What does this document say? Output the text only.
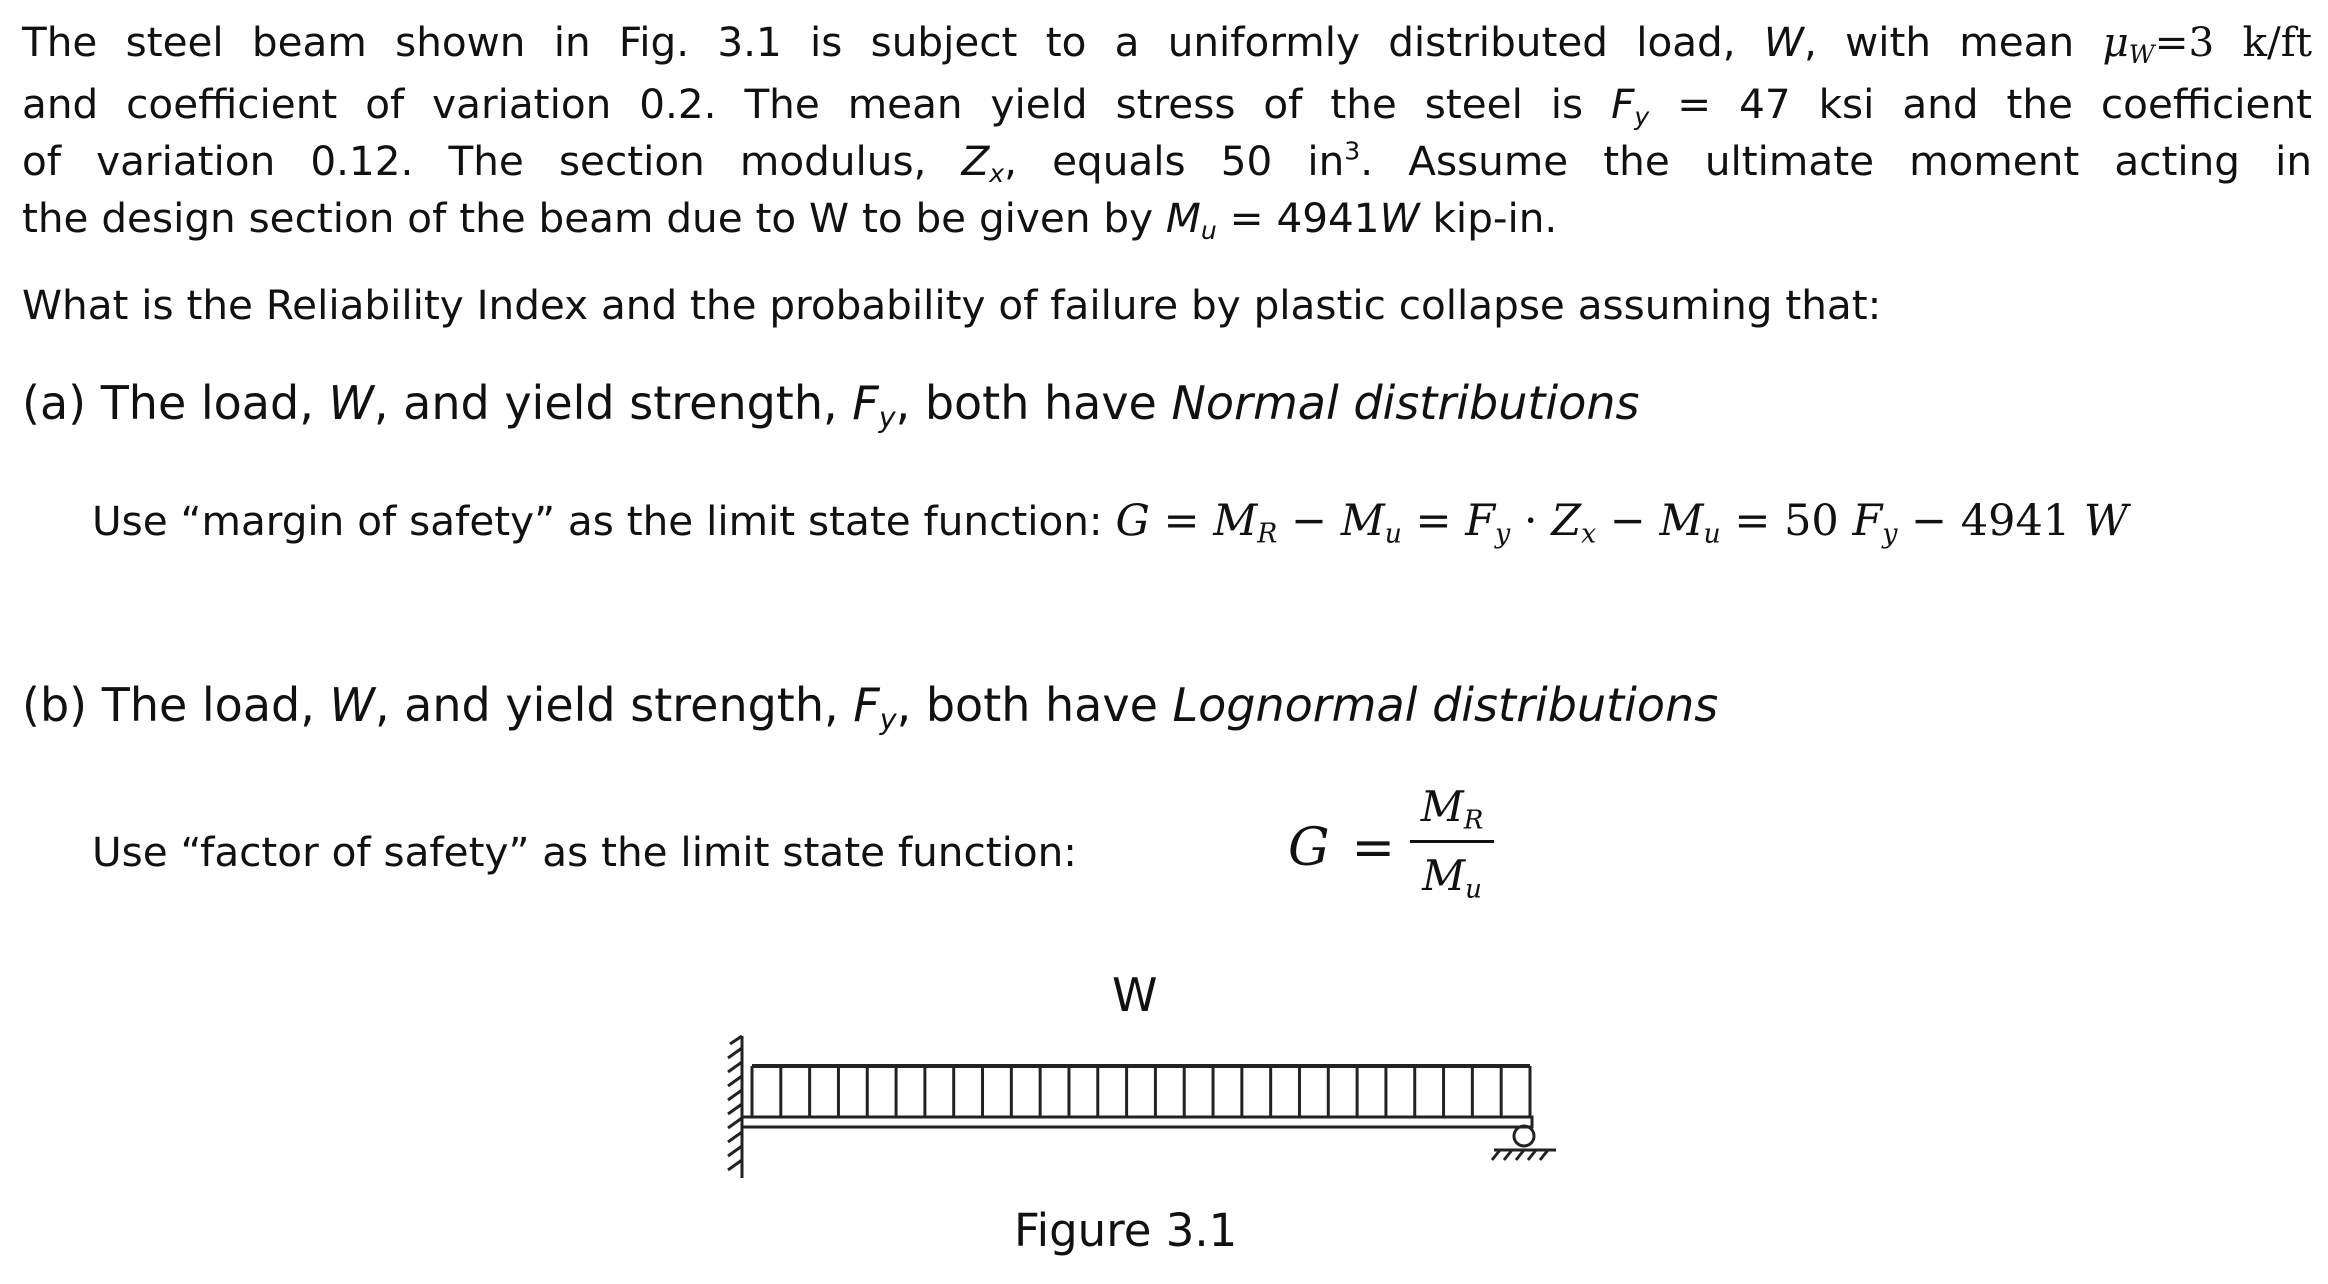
The steel beam shown in Fig. 3.1 is subject to a uniformly distributed load, W, with mean $\mu_W=3$ k/ft
and coefficient of variation 0.2. The mean yield stress of the steel is $F_y = 47$ ksi and the coefficient
of variation 0.12. The section modulus, $Z_x$, equals 50 $in^3$. Assume the ultimate moment acting in
the design section of the beam due to W to be given by $M_u = 4941W$ kip-in.
What is the Reliability Index and the probability of failure by plastic collapse assuming that:
(a) The load, W, and yield strength, $F_y$, both have Normal distributions
Use “margin of safety” as the limit state function: $G = M_R - M_u = F_y \cdot Z_x - M_u = 50$ $F_y - 4941$ W
(b) The load, W, and yield strength, $F_y$, both have Lognormal distributions
Use “factor of safety” as the limit state function:	G =
$M_R$
$M_u$
W
Figure 3.1
